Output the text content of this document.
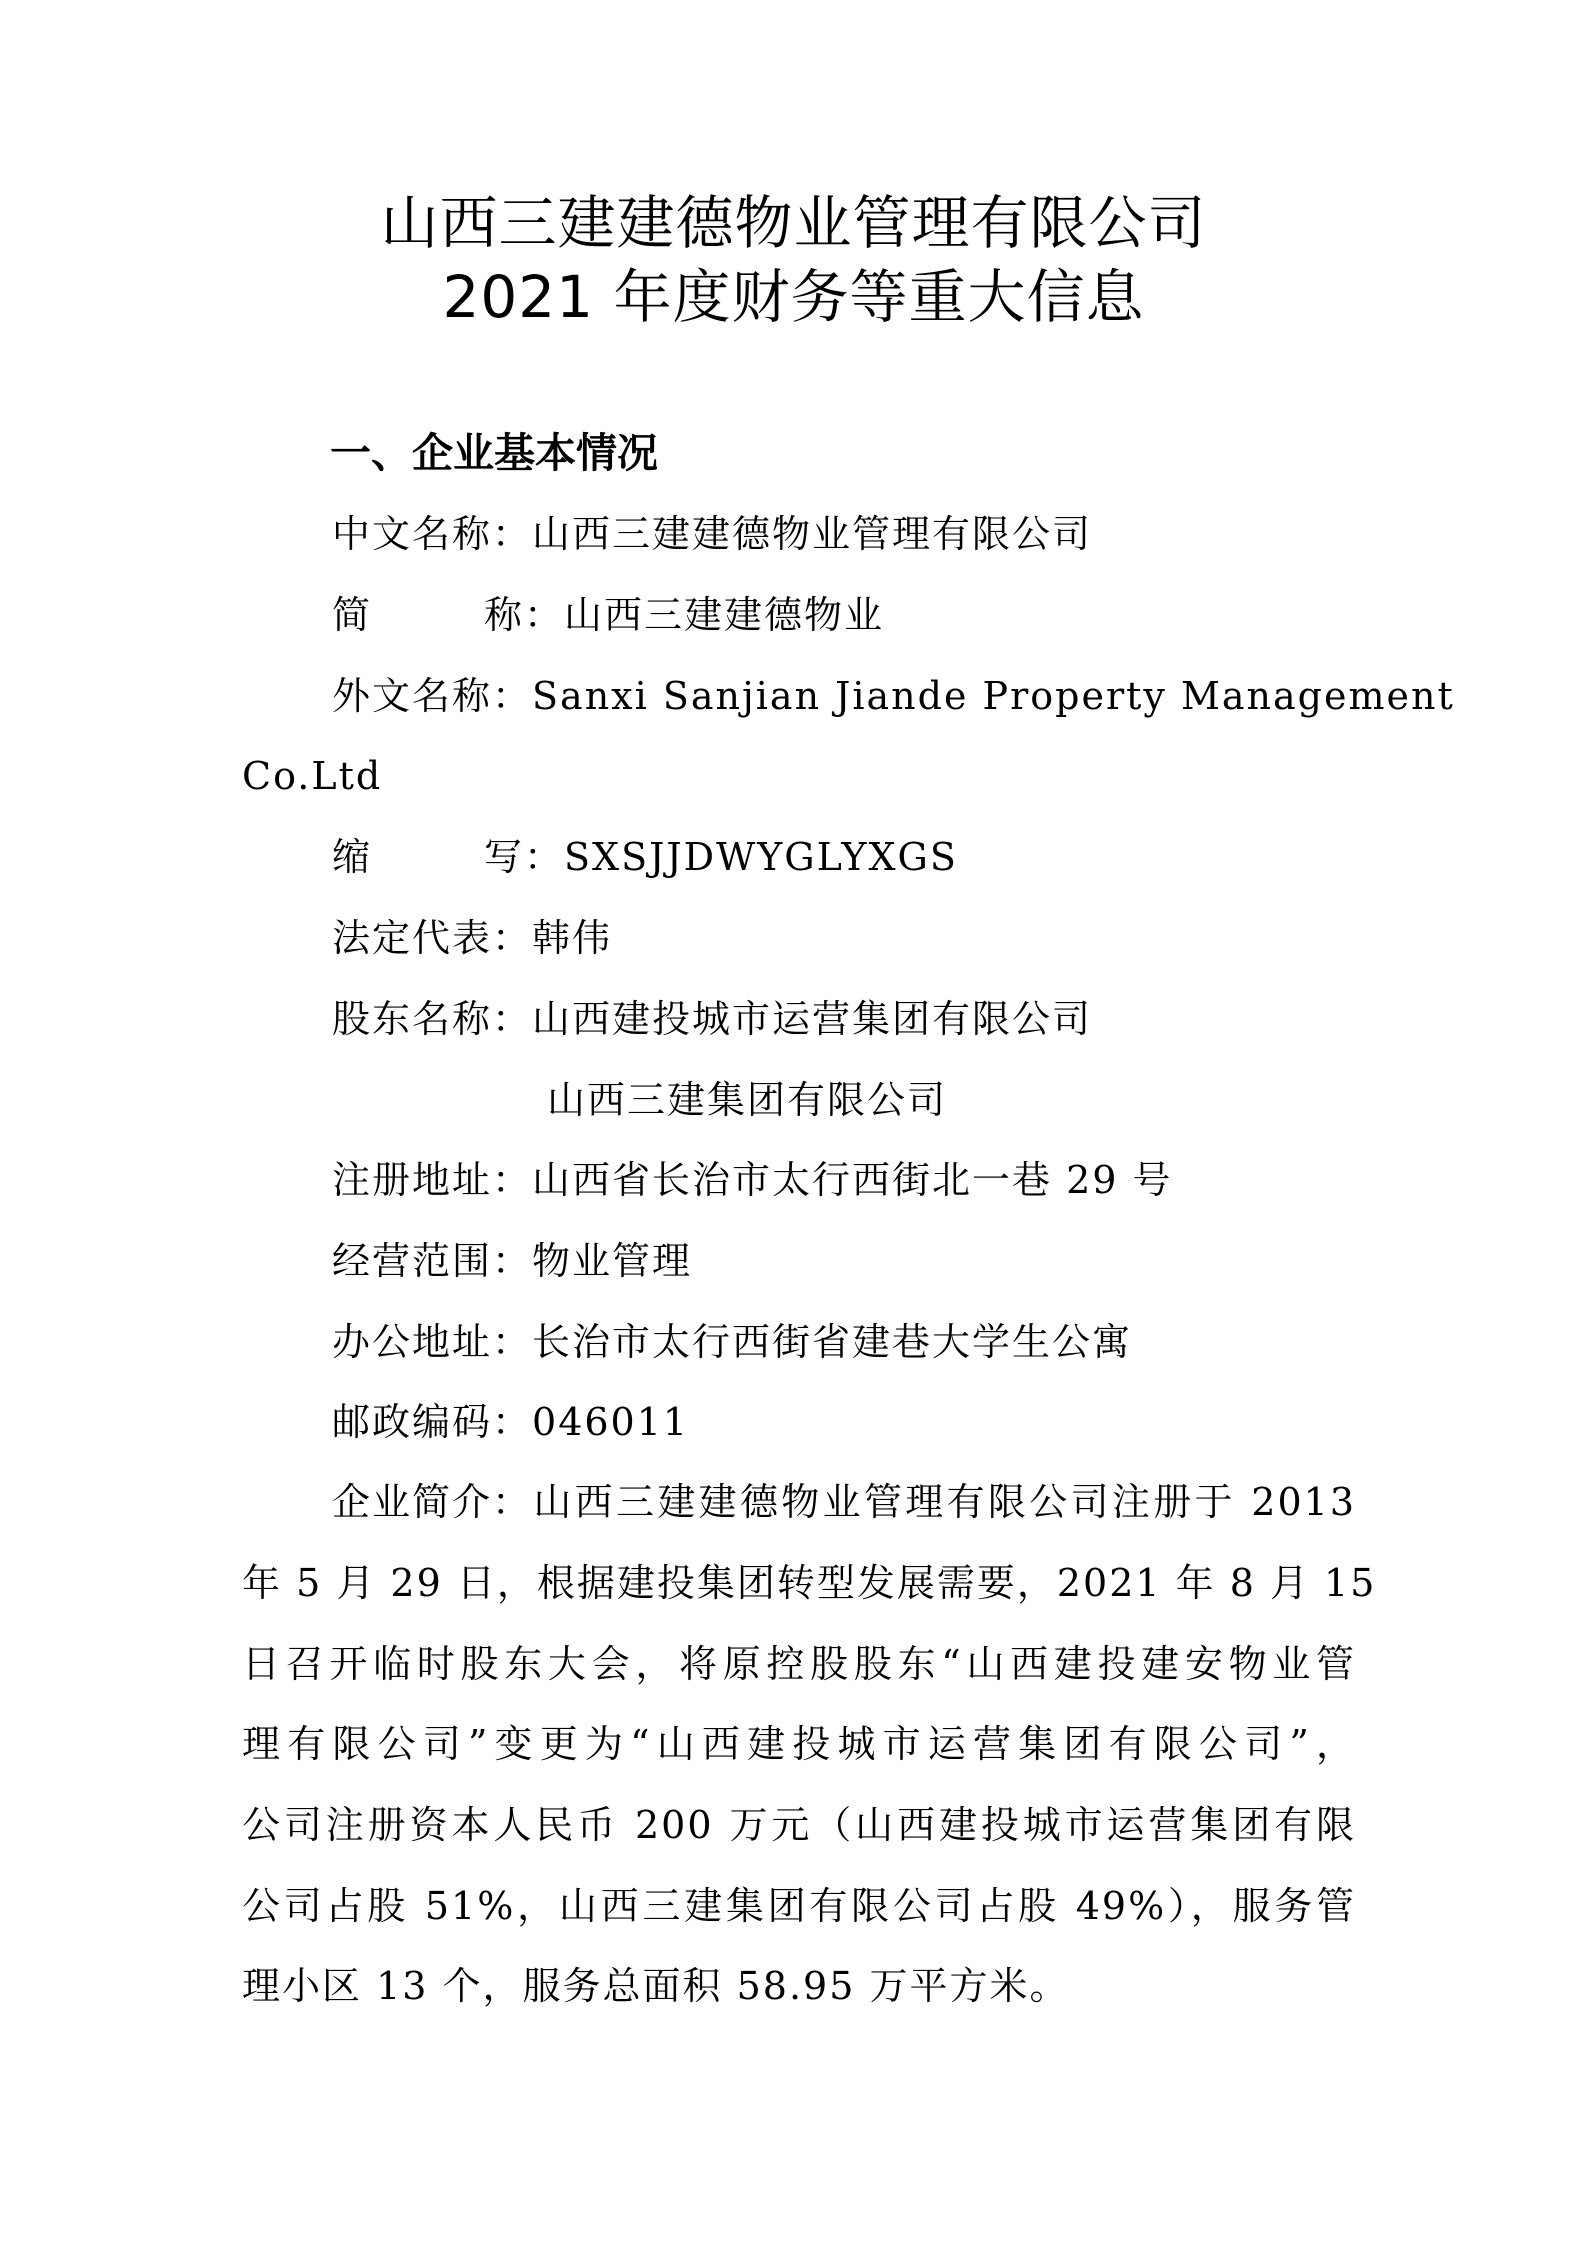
山西三建建德物业管理有限公司
2021 年度财务等重大信息
一、企业基本情况
中文名称：山西三建建德物业管理有限公司
简	称：山西三建建德物业
外文名称：Sanxi Sanjian Jiande Property Management
Co.Ltd
缩	写：SXSJJDWYGLYXGS
法定代表：韩伟
股东名称：山西建投城市运营集团有限公司
山西三建集团有限公司
注册地址：山西省长治市太行西街北一巷 29 号
经营范围：物业管理
办公地址：长治市太行西街省建巷大学生公寓
邮政编码：046011
企业简介：山西三建建德物业管理有限公司注册于 2013
年 5 月 29 日，根据建投集团转型发展需要，2021 年 8 月 15
日召开临时股东大会，将原控股股东“山西建投建安物业管
理有限公司”变更为“山西建投城市运营集团有限公司”，
公司注册资本人民币 200 万元（山西建投城市运营集团有限
公司占股 51%，山西三建集团有限公司占股 49%），服务管
理小区 13 个，服务总面积 58.95 万平方米。
